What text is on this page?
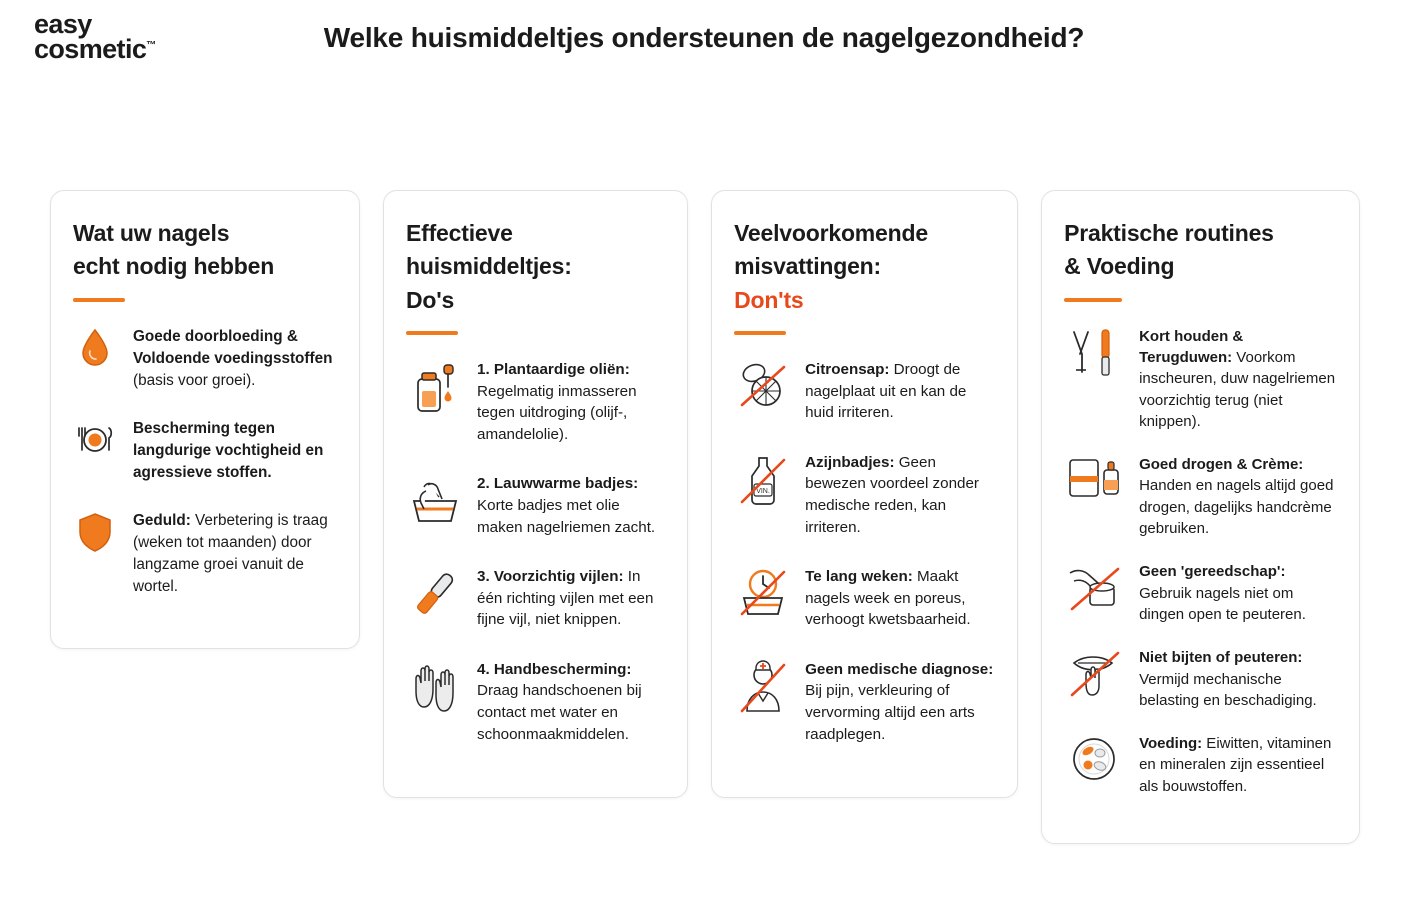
easy
cosmetic™	Welke huismiddeltjes ondersteunen de nagelgezondheid?
Wat uw nagels
echt nodig hebben
Goede doorbloeding & Voldoende voedingsstoffen (basis voor groei).
Bescherming tegen langdurige vochtigheid en agressieve stoffen.
Geduld: Verbetering is traag (weken tot maanden) door langzame groei vanuit de wortel.
Effectieve
huismiddeltjes:
Do's
1. Plantaardige oliën: Regelmatig inmasseren tegen uitdroging (olijf-, amandelolie).
2. Lauwwarme badjes: Korte badjes met olie maken nagelriemen zacht.
3. Voorzichtig vijlen: In één richting vijlen met een fijne vijl, niet knippen.
4. Handbescherming: Draag handschoenen bij contact met water en schoonmaakmiddelen.
Veelvoorkomende
misvattingen:
Don'ts
Citroensap: Droogt de nagelplaat uit en kan de huid irriteren.
VIN.
Azijnbadjes: Geen bewezen voordeel zonder medische reden, kan irriteren.
Te lang weken: Maakt nagels week en poreus, verhoogt kwetsbaarheid.
Geen medische diagnose: Bij pijn, verkleuring of vervorming altijd een arts raadplegen.
Praktische routines
& Voeding
Kort houden & Terugduwen: Voorkom inscheuren, duw nagelriemen voorzichtig terug (niet knippen).
Goed drogen & Crème: Handen en nagels altijd goed drogen, dagelijks handcrème gebruiken.
Geen 'gereedschap': Gebruik nagels niet om dingen open te peuteren.
Niet bijten of peuteren: Vermijd mechanische belasting en beschadiging.
Voeding: Eiwitten, vitaminen en mineralen zijn essentieel als bouwstoffen.
